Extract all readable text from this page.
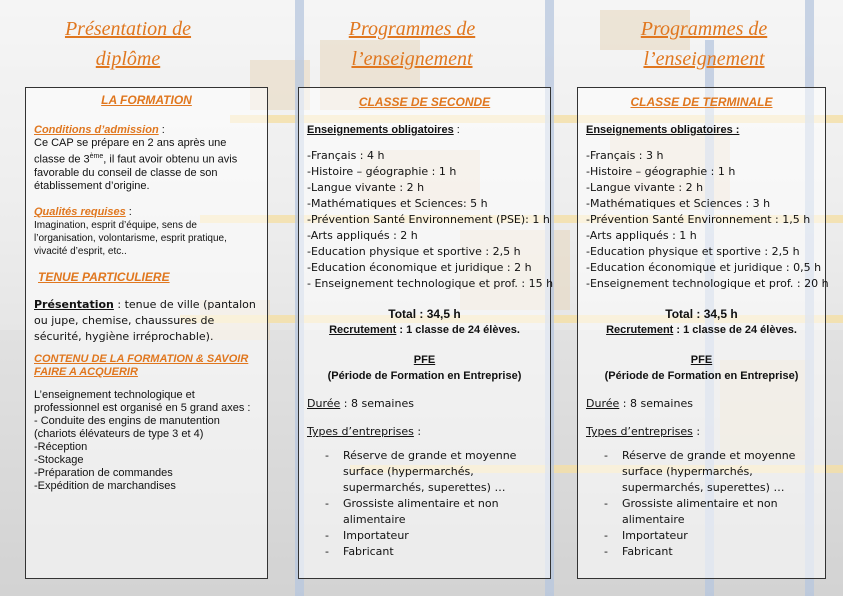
Présentation de
diplôme
Programmes de
l’enseignement
Programmes de
l’enseignement
LA FORMATION
Conditions d’admission :
Ce CAP se prépare en 2 ans après une classe de 3ème, il faut avoir obtenu un avis favorable du conseil de classe de son établissement d’origine.
Qualités requises :
Imagination, esprit d’équipe, sens de l’organisation, volontarisme, esprit pratique, vivacité d’esprit, etc..
TENUE PARTICULIERE
Présentation : tenue de ville (pantalon ou jupe, chemise, chaussures de sécurité, hygiène irréprochable).
CONTENU DE LA FORMATION & SAVOIR FAIRE A ACQUERIR
L’enseignement technologique et professionnel est organisé en 5 grand axes :
- Conduite des engins de manutention (chariots élévateurs de type 3 et 4)
-Réception
-Stockage
-Préparation de commandes
-Expédition de marchandises
CLASSE DE SECONDE
Enseignements obligatoires :
-Français : 4 h
-Histoire – géographie : 1 h
-Langue vivante : 2 h
-Mathématiques et Sciences: 5 h
-Prévention Santé Environnement (PSE): 1 h
-Arts appliqués : 2 h
-Education physique et sportive : 2,5 h
-Education économique et juridique : 2 h
- Enseignement technologique et prof. : 15 h
Total : 34,5 h
Recrutement : 1 classe de 24 élèves.
PFE
(Période de Formation en Entreprise)
Durée : 8 semaines
Types d’entreprises :
- Réserve de grande et moyenne surface (hypermarchés, supermarchés, superettes) …
- Grossiste alimentaire et non alimentaire
- Importateur
- Fabricant
CLASSE DE TERMINALE
Enseignements obligatoires :
-Français : 3 h
-Histoire – géographie : 1 h
-Langue vivante : 2 h
-Mathématiques et Sciences : 3 h
-Prévention Santé Environnement : 1,5 h
-Arts appliqués : 1 h
-Education physique et sportive : 2,5 h
-Education économique et juridique : 0,5 h
-Enseignement technologique et prof. : 20 h
Total : 34,5 h
Recrutement : 1 classe de 24 élèves.
PFE
(Période de Formation en Entreprise)
Durée : 8 semaines
Types d’entreprises :
- Réserve de grande et moyenne surface (hypermarchés, supermarchés, superettes) …
- Grossiste alimentaire et non alimentaire
- Importateur
- Fabricant
